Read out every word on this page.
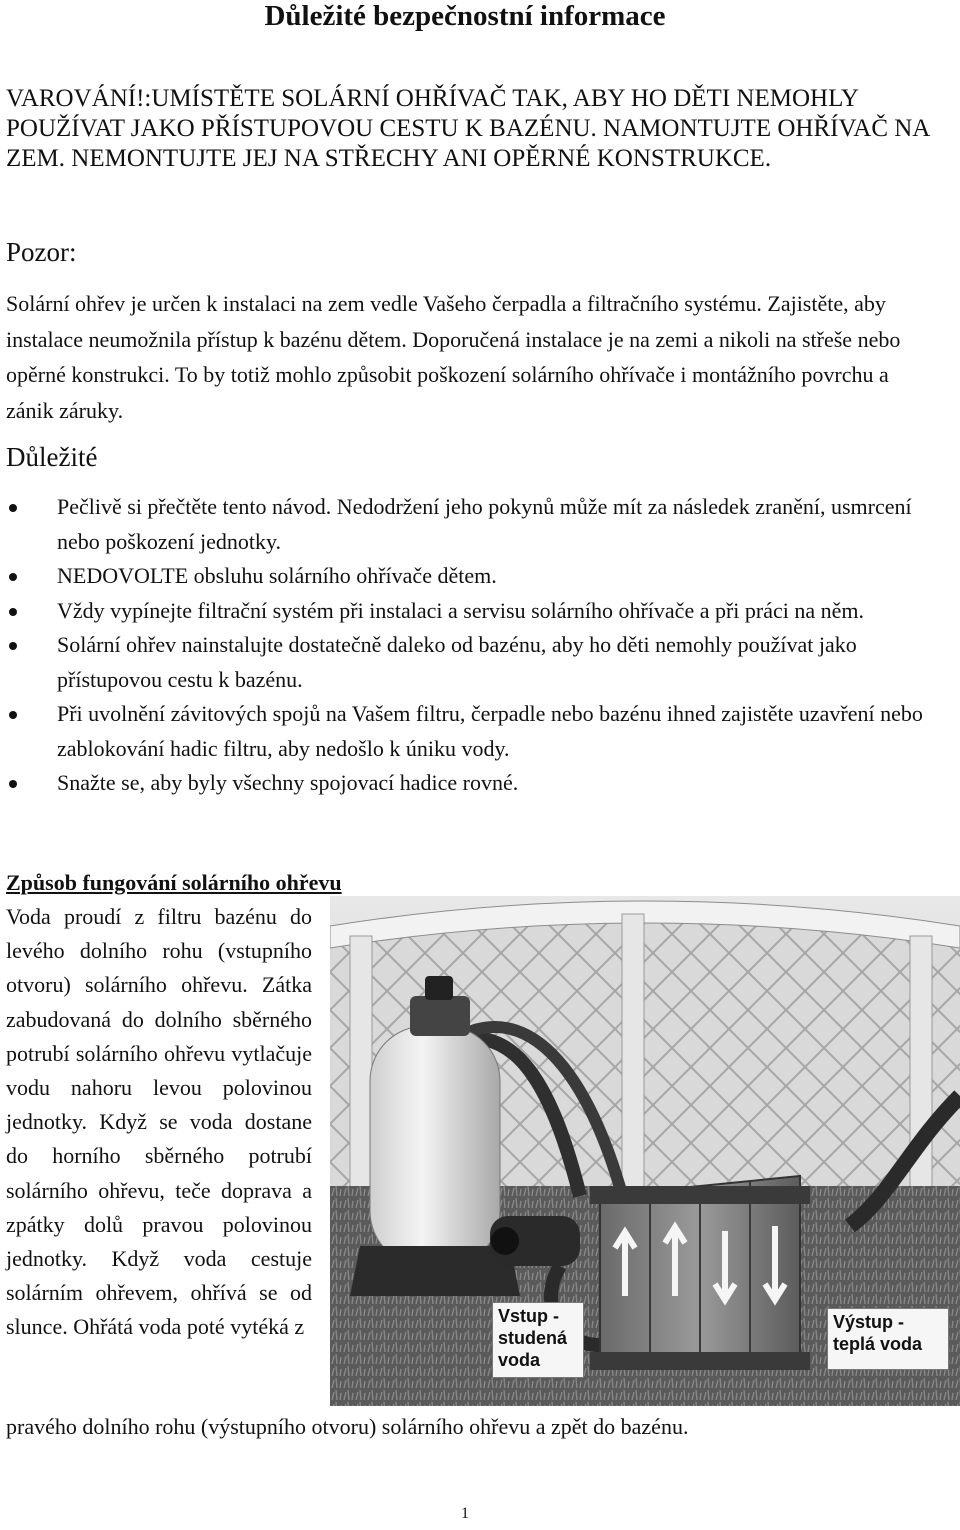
Důležité bezpečnostní informace
VAROVÁNÍ!:UMÍSTĚTE SOLÁRNÍ OHŘÍVAČ TAK, ABY HO DĚTI NEMOHLY POUŽÍVAT JAKO PŘÍSTUPOVOU CESTU K BAZÉNU. NAMONTUJTE OHŘÍVAČ NA ZEM. NEMONTUJTE JEJ NA STŘECHY ANI OPĚRNÉ KONSTRUKCE.
Pozor:
Solární ohřev je určen k instalaci na zem vedle Vašeho čerpadla a filtračního systému. Zajistěte, aby instalace neumožnila přístup k bazénu dětem. Doporučená instalace je na zemi a nikoli na střeše nebo opěrné konstrukci. To by totiž mohlo způsobit poškození solárního ohřívače i montážního povrchu a zánik záruky.
Důležité
Pečlivě si přečtěte tento návod. Nedodržení jeho pokynů může mít za následek zranění, usmrcení nebo poškození jednotky.
NEDOVOLTE obsluhu solárního ohřívače dětem.
Vždy vypínejte filtrační systém při instalaci a servisu solárního ohřívače a při práci na něm.
Solární ohřev nainstalujte dostatečně daleko od bazénu, aby ho děti nemohly používat jako přístupovou cestu k bazénu.
Při uvolnění závitových spojů na Vašem filtru, čerpadle nebo bazénu ihned zajistěte uzavření nebo zablokování hadic filtru, aby nedošlo k úniku vody.
Snažte se, aby byly všechny spojovací hadice rovné.
Způsob fungování solárního ohřevu
Voda proudí z filtru bazénu do levého dolního rohu (vstupního otvoru) solárního ohřevu. Zátka zabudovaná do dolního sběrného potrubí solárního ohřevu vytlačuje vodu nahoru levou polovinou jednotky. Když se voda dostane do horního sběrného potrubí solárního ohřevu, teče doprava a zpátky dolů pravou polovinou jednotky. Když voda cestuje solárním ohřevem, ohřívá se od slunce. Ohřátá voda poté vytéká z	Vstup - studená voda
Výstup - teplá voda
pravého dolního rohu (výstupního otvoru) solárního ohřevu a zpět do bazénu.
1
